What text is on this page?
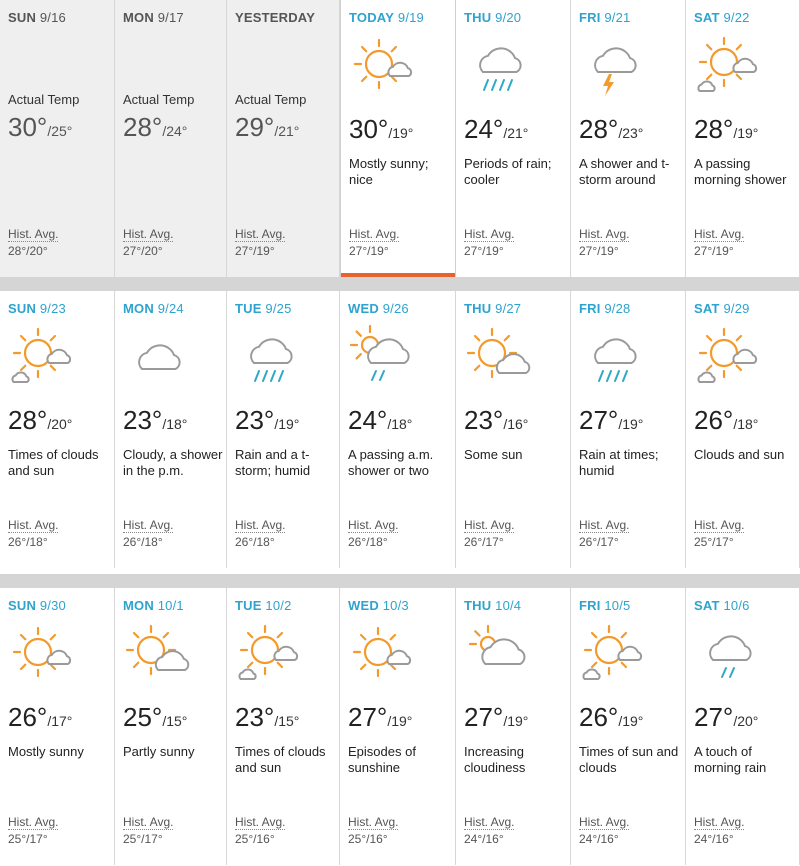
SUN 9/16
Actual Temp
30°/25°
Hist. Avg.
28°/20°
MON 9/17
Actual Temp
28°/24°
Hist. Avg.
27°/20°
YESTERDAY
Actual Temp
29°/21°
Hist. Avg.
27°/19°
TODAY 9/19
30°/19°
Mostly sunny; nice
Hist. Avg.
27°/19°
THU 9/20
24°/21°
Periods of rain; cooler
Hist. Avg.
27°/19°
FRI 9/21
28°/23°
A shower and t-storm around
Hist. Avg.
27°/19°
SAT 9/22
28°/19°
A passing morning shower
Hist. Avg.
27°/19°
SUN 9/23
28°/20°
Times of clouds and sun
Hist. Avg.
26°/18°
MON 9/24
23°/18°
Cloudy, a shower in the p.m.
Hist. Avg.
26°/18°
TUE 9/25
23°/19°
Rain and a t-storm; humid
Hist. Avg.
26°/18°
WED 9/26
24°/18°
A passing a.m. shower or two
Hist. Avg.
26°/18°
THU 9/27
23°/16°
Some sun
Hist. Avg.
26°/17°
FRI 9/28
27°/19°
Rain at times; humid
Hist. Avg.
26°/17°
SAT 9/29
26°/18°
Clouds and sun
Hist. Avg.
25°/17°
SUN 9/30
26°/17°
Mostly sunny
Hist. Avg.
25°/17°
MON 10/1
25°/15°
Partly sunny
Hist. Avg.
25°/17°
TUE 10/2
23°/15°
Times of clouds and sun
Hist. Avg.
25°/16°
WED 10/3
27°/19°
Episodes of sunshine
Hist. Avg.
25°/16°
THU 10/4
27°/19°
Increasing cloudiness
Hist. Avg.
24°/16°
FRI 10/5
26°/19°
Times of sun and clouds
Hist. Avg.
24°/16°
SAT 10/6
27°/20°
A touch of morning rain
Hist. Avg.
24°/16°
